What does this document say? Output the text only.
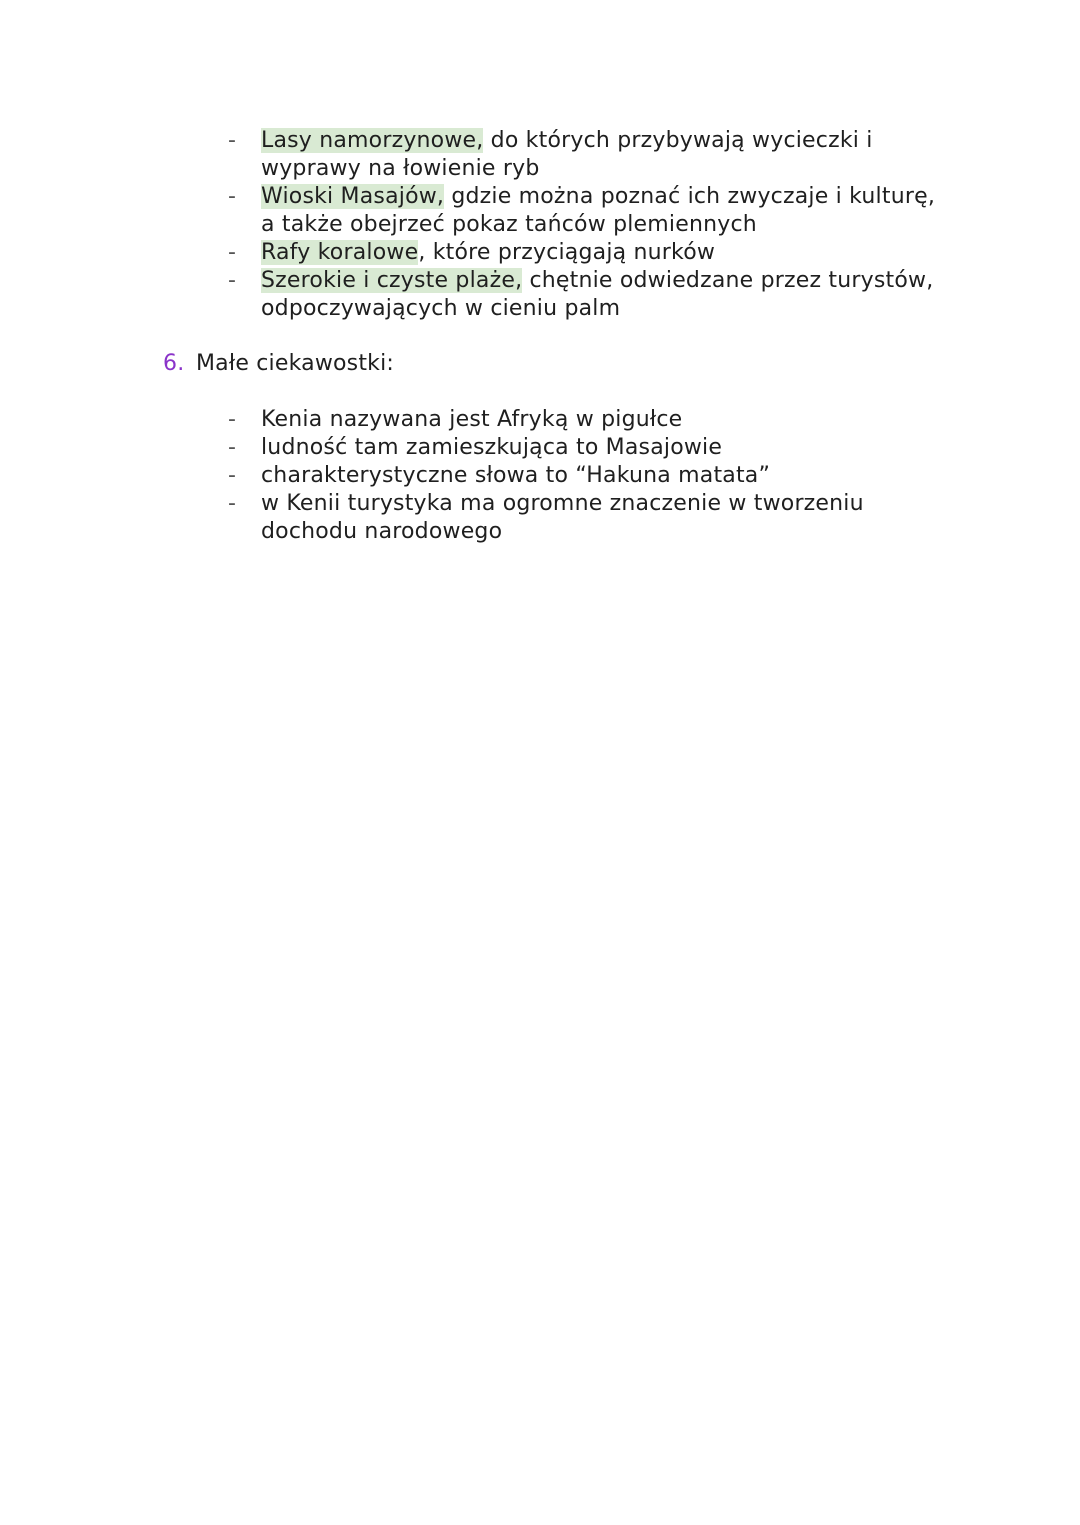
- Lasy namorzynowe, do których przybywają wycieczki i wyprawy na łowienie ryb
- Wioski Masajów, gdzie można poznać ich zwyczaje i kulturę, a także obejrzeć pokaz tańców plemiennych
- Rafy koralowe, które przyciągają nurków
- Szerokie i czyste plaże, chętnie odwiedzane przez turystów, odpoczywających w cieniu palm
6. Małe ciekawostki:
- Kenia nazywana jest Afryką w pigułce
- ludność tam zamieszkująca to Masajowie
- charakterystyczne słowa to “Hakuna matata”
- w Kenii turystyka ma ogromne znaczenie w tworzeniu dochodu narodowego
